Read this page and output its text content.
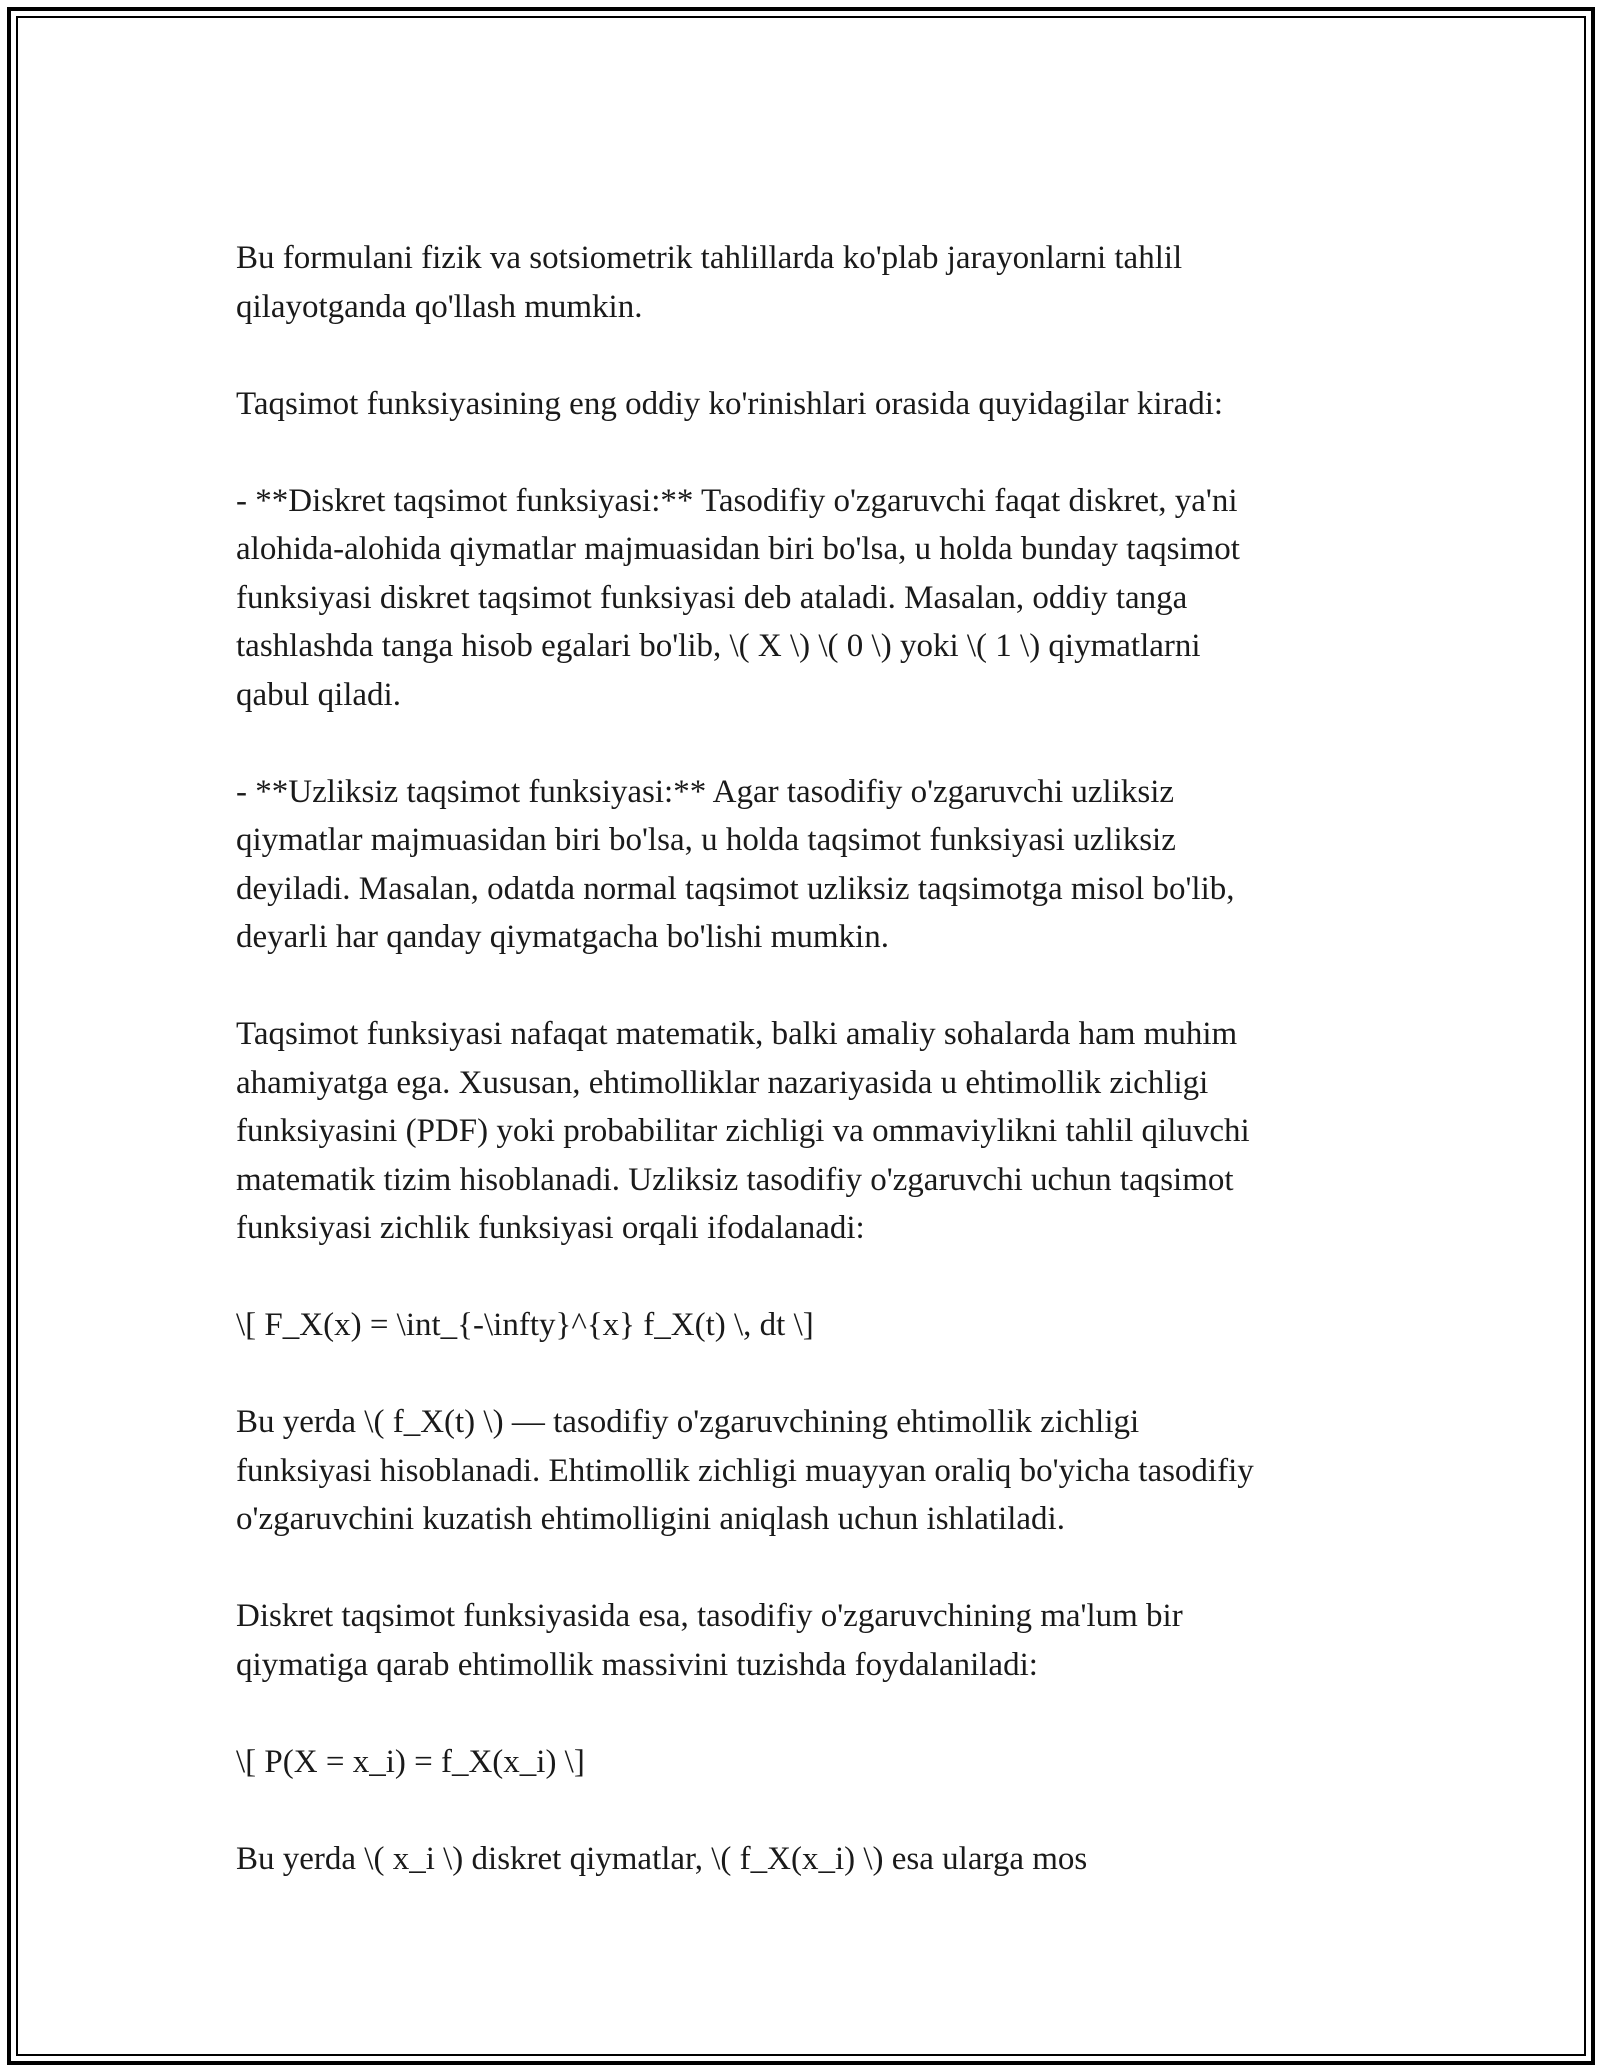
Bu formulani fizik va sotsiometrik tahlillarda ko'plab jarayonlarni tahlil
qilayotganda qo'llash mumkin.

Taqsimot funksiyasining eng oddiy ko'rinishlari orasida quyidagilar kiradi:

- **Diskret taqsimot funksiyasi:** Tasodifiy o'zgaruvchi faqat diskret, ya'ni
alohida-alohida qiymatlar majmuasidan biri bo'lsa, u holda bunday taqsimot
funksiyasi diskret taqsimot funksiyasi deb ataladi. Masalan, oddiy tanga
tashlashda tanga hisob egalari bo'lib, \( X \) \( 0 \) yoki \( 1 \) qiymatlarni
qabul qiladi.

- **Uzliksiz taqsimot funksiyasi:** Agar tasodifiy o'zgaruvchi uzliksiz
qiymatlar majmuasidan biri bo'lsa, u holda taqsimot funksiyasi uzliksiz
deyiladi. Masalan, odatda normal taqsimot uzliksiz taqsimotga misol bo'lib,
deyarli har qanday qiymatgacha bo'lishi mumkin.

Taqsimot funksiyasi nafaqat matematik, balki amaliy sohalarda ham muhim
ahamiyatga ega. Xususan, ehtimolliklar nazariyasida u ehtimollik zichligi
funksiyasini (PDF) yoki probabilitar zichligi va ommaviylikni tahlil qiluvchi
matematik tizim hisoblanadi. Uzliksiz tasodifiy o'zgaruvchi uchun taqsimot
funksiyasi zichlik funksiyasi orqali ifodalanadi:

\[ F_X(x) = \int_{-\infty}^{x} f_X(t) \, dt \]

Bu yerda \( f_X(t) \) — tasodifiy o'zgaruvchining ehtimollik zichligi
funksiyasi hisoblanadi. Ehtimollik zichligi muayyan oraliq bo'yicha tasodifiy
o'zgaruvchini kuzatish ehtimolligini aniqlash uchun ishlatiladi.

Diskret taqsimot funksiyasida esa, tasodifiy o'zgaruvchining ma'lum bir
qiymatiga qarab ehtimollik massivini tuzishda foydalaniladi:

\[ P(X = x_i) = f_X(x_i) \]

Bu yerda \( x_i \) diskret qiymatlar, \( f_X(x_i) \) esa ularga mos
